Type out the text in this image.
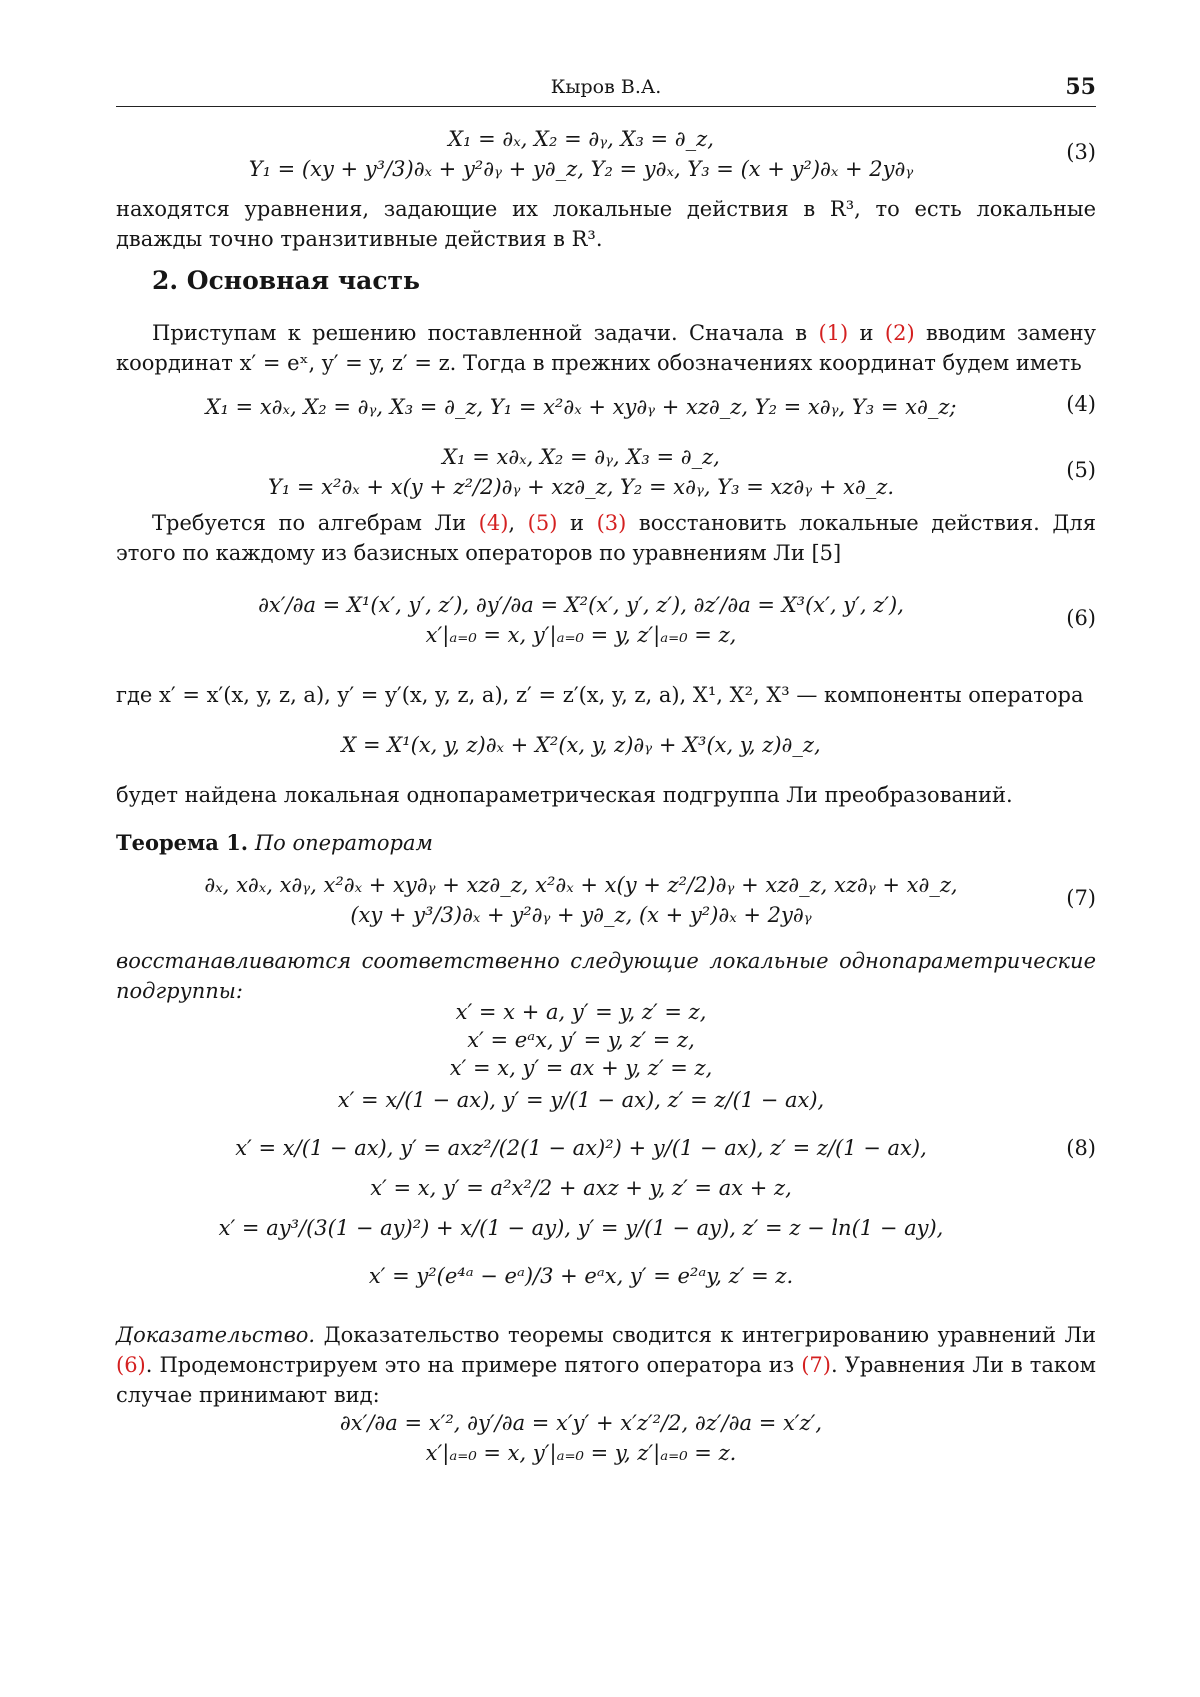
Кыров В.А.	55
X₁ = ∂ₓ, X₂ = ∂ᵧ, X₃ = ∂_z,
Y₁ = (xy + y³/3)∂ₓ + y²∂ᵧ + y∂_z, Y₂ = y∂ₓ, Y₃ = (x + y²)∂ₓ + 2y∂ᵧ
(3)
находятся уравнения, задающие их локальные действия в R³, то есть локальные дважды точно транзитивные действия в R³.
2. Основная часть
Приступам к решению поставленной задачи. Сначала в (1) и (2) вводим замену координат x′ = eˣ, y′ = y, z′ = z. Тогда в прежних обозначениях координат будем иметь
X₁ = x∂ₓ, X₂ = ∂ᵧ, X₃ = ∂_z, Y₁ = x²∂ₓ + xy∂ᵧ + xz∂_z, Y₂ = x∂ᵧ, Y₃ = x∂_z;	(4)
X₁ = x∂ₓ, X₂ = ∂ᵧ, X₃ = ∂_z,
Y₁ = x²∂ₓ + x(y + z²/2)∂ᵧ + xz∂_z, Y₂ = x∂ᵧ, Y₃ = xz∂ᵧ + x∂_z.
(5)
Требуется по алгебрам Ли (4), (5) и (3) восстановить локальные действия. Для этого по каждому из базисных операторов по уравнениям Ли [5]
∂x′/∂a = X¹(x′, y′, z′), ∂y′/∂a = X²(x′, y′, z′), ∂z′/∂a = X³(x′, y′, z′),
x′|ₐ₌₀ = x, y′|ₐ₌₀ = y, z′|ₐ₌₀ = z,
(6)
где x′ = x′(x, y, z, a), y′ = y′(x, y, z, a), z′ = z′(x, y, z, a), X¹, X², X³ — компоненты оператора
X = X¹(x, y, z)∂ₓ + X²(x, y, z)∂ᵧ + X³(x, y, z)∂_z,
будет найдена локальная однопараметрическая подгруппа Ли преобразований.
Теорема 1. По операторам
∂ₓ, x∂ₓ, x∂ᵧ, x²∂ₓ + xy∂ᵧ + xz∂_z, x²∂ₓ + x(y + z²/2)∂ᵧ + xz∂_z, xz∂ᵧ + x∂_z,
(xy + y³/3)∂ₓ + y²∂ᵧ + y∂_z, (x + y²)∂ₓ + 2y∂ᵧ
(7)
восстанавливаются соответственно следующие локальные однопараметрические подгруппы:
x′ = x + a, y′ = y, z′ = z,
x′ = eᵃx, y′ = y, z′ = z,
x′ = x, y′ = ax + y, z′ = z,
x′ = x/(1 − ax), y′ = y/(1 − ax), z′ = z/(1 − ax),
x′ = x/(1 − ax), y′ = axz²/(2(1 − ax)²) + y/(1 − ax), z′ = z/(1 − ax),
x′ = x, y′ = a²x²/2 + axz + y, z′ = ax + z,
x′ = ay³/(3(1 − ay)²) + x/(1 − ay), y′ = y/(1 − ay), z′ = z − ln(1 − ay),
x′ = y²(e⁴ᵃ − eᵃ)/3 + eᵃx, y′ = e²ᵃy, z′ = z.
(8)
Доказательство. Доказательство теоремы сводится к интегрированию уравнений Ли (6). Продемонстрируем это на примере пятого оператора из (7). Уравнения Ли в таком случае принимают вид:
∂x′/∂a = x′², ∂y′/∂a = x′y′ + x′z′²/2, ∂z′/∂a = x′z′,
x′|ₐ₌₀ = x, y′|ₐ₌₀ = y, z′|ₐ₌₀ = z.
